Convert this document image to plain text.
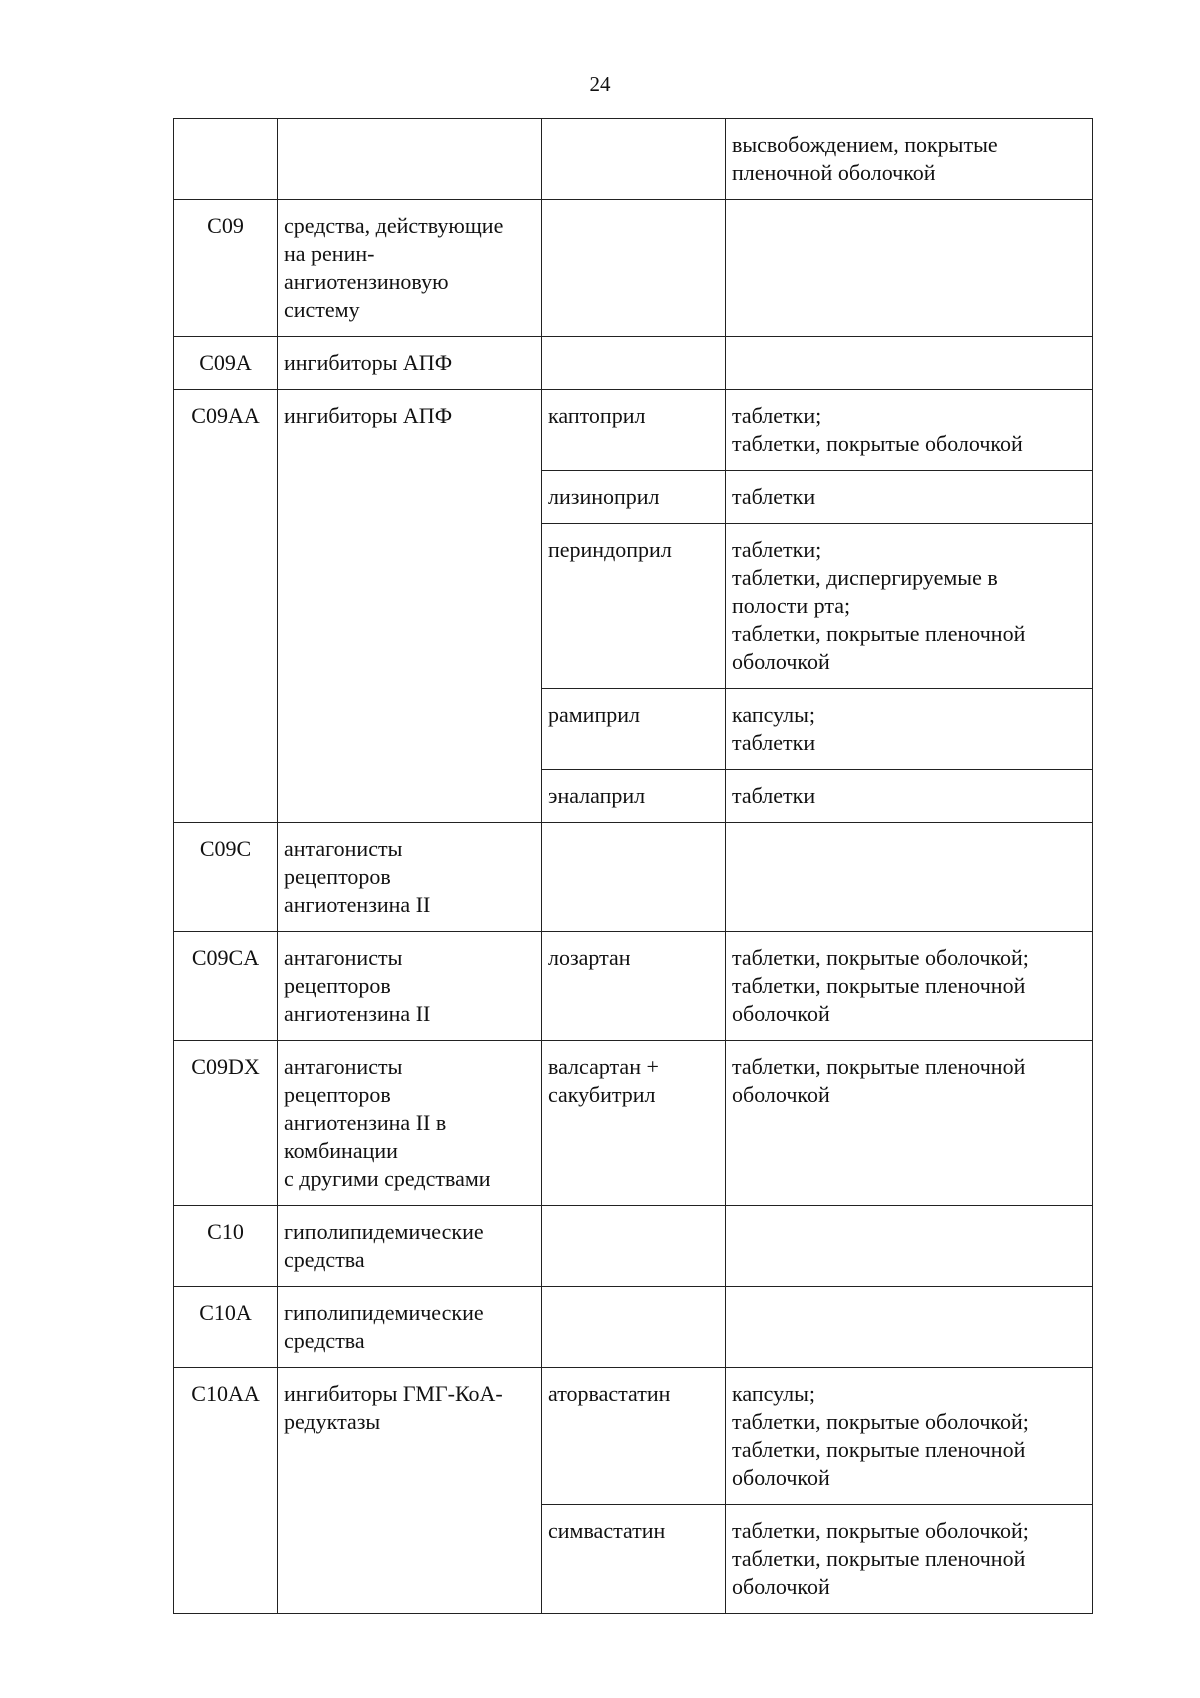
24
			высвобождением, покрытые
пленочной оболочкой
C09	средства, действующие
на ренин-
ангиотензиновую
систему		
C09A	ингибиторы АПФ		
C09AA	ингибиторы АПФ	каптоприл	таблетки;
таблетки, покрытые оболочкой
		лизиноприл	таблетки
		периндоприл	таблетки;
таблетки, диспергируемые в
полости рта;
таблетки, покрытые пленочной
оболочкой
		рамиприл	капсулы;
таблетки
		эналаприл	таблетки
C09C	антагонисты
рецепторов
ангиотензина II		
C09CA	антагонисты
рецепторов
ангиотензина II	лозартан	таблетки, покрытые оболочкой;
таблетки, покрытые пленочной
оболочкой
C09DX	антагонисты
рецепторов
ангиотензина II в
комбинации
с другими средствами	валсартан +
сакубитрил	таблетки, покрытые пленочной
оболочкой
C10	гиполипидемические
средства		
C10A	гиполипидемические
средства		
C10AA	ингибиторы ГМГ-КоА-
редуктазы	аторвастатин	капсулы;
таблетки, покрытые оболочкой;
таблетки, покрытые пленочной
оболочкой
		симвастатин	таблетки, покрытые оболочкой;
таблетки, покрытые пленочной
оболочкой
